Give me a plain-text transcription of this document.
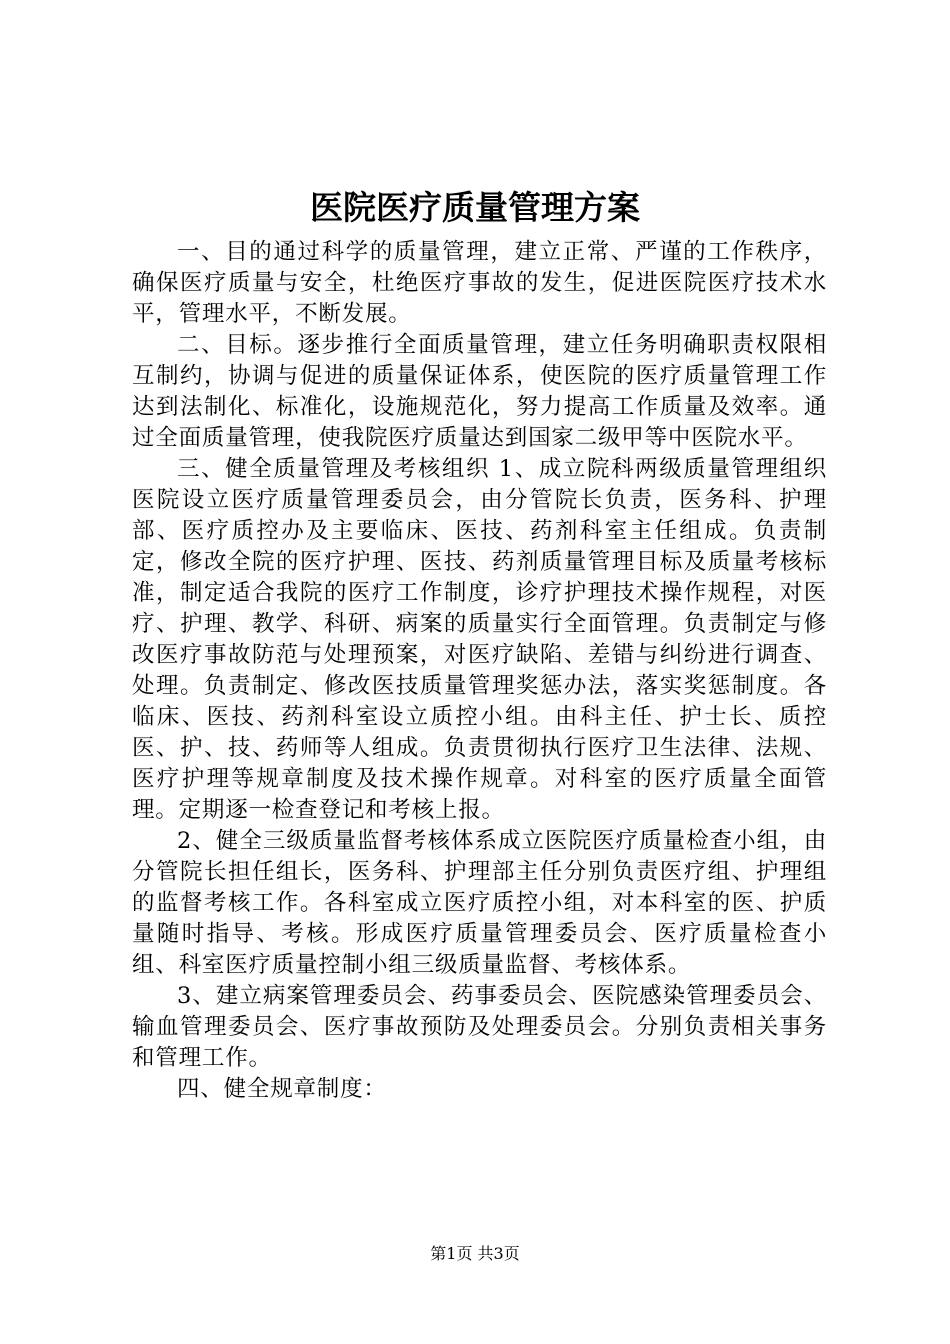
医院医疗质量管理方案

一、目的通过科学的质量管理，建立正常、严谨的工作秩序，确保医疗质量与安全，杜绝医疗事故的发生，促进医院医疗技术水平，管理水平，不断发展。

二、目标。逐步推行全面质量管理，建立任务明确职责权限相互制约，协调与促进的质量保证体系，使医院的医疗质量管理工作达到法制化、标准化，设施规范化，努力提高工作质量及效率。通过全面质量管理，使我院医疗质量达到国家二级甲等中医院水平。

三、健全质量管理及考核组织 1、成立院科两级质量管理组织医院设立医疗质量管理委员会，由分管院长负责，医务科、护理部、医疗质控办及主要临床、医技、药剂科室主任组成。负责制定，修改全院的医疗护理、医技、药剂质量管理目标及质量考核标准，制定适合我院的医疗工作制度，诊疗护理技术操作规程，对医疗、护理、教学、科研、病案的质量实行全面管理。负责制定与修改医疗事故防范与处理预案，对医疗缺陷、差错与纠纷进行调查、处理。负责制定、修改医技质量管理奖惩办法，落实奖惩制度。各临床、医技、药剂科室设立质控小组。由科主任、护士长、质控医、护、技、药师等人组成。负责贯彻执行医疗卫生法律、法规、医疗护理等规章制度及技术操作规章。对科室的医疗质量全面管理。定期逐一检查登记和考核上报。

2、健全三级质量监督考核体系成立医院医疗质量检查小组，由分管院长担任组长，医务科、护理部主任分别负责医疗组、护理组的监督考核工作。各科室成立医疗质控小组，对本科室的医、护质量随时指导、考核。形成医疗质量管理委员会、医疗质量检查小组、科室医疗质量控制小组三级质量监督、考核体系。

3、建立病案管理委员会、药事委员会、医院感染管理委员会、输血管理委员会、医疗事故预防及处理委员会。分别负责相关事务和管理工作。

四、健全规章制度：

第1页 共3页
